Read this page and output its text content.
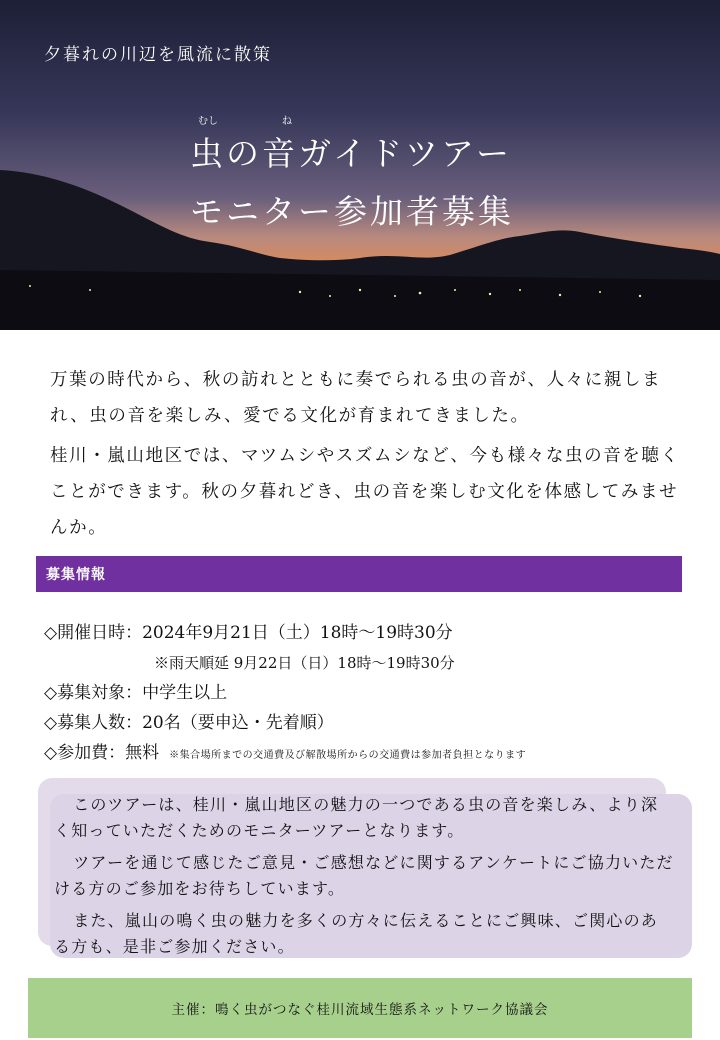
夕暮れの川辺を風流に散策
むし	ね
虫の音ガイドツアー
モニター参加者募集

万葉の時代から、秋の訪れとともに奏でられる虫の音が、人々に親しまれ、虫の音を楽しみ、愛でる文化が育まれてきました。

桂川・嵐山地区では、マツムシやスズムシなど、今も様々な虫の音を聴くことができます。秋の夕暮れどき、虫の音を楽しむ文化を体感してみませんか。

募集情報
◇開催日時：2024年9月21日（土）18時～19時30分
※雨天順延 9月22日（日）18時～19時30分
◇募集対象：中学生以上
◇募集人数：20名（要申込・先着順）
◇参加費：無料 ※集合場所までの交通費及び解散場所からの交通費は参加者負担となります

このツアーは、桂川・嵐山地区の魅力の一つである虫の音を楽しみ、より深く知っていただくためのモニターツアーとなります。

ツアーを通じて感じたご意見・ご感想などに関するアンケートにご協力いただける方のご参加をお待ちしています。

また、嵐山の鳴く虫の魅力を多くの方々に伝えることにご興味、ご関心のある方も、是非ご参加ください。

主催：鳴く虫がつなぐ桂川流域生態系ネットワーク協議会
